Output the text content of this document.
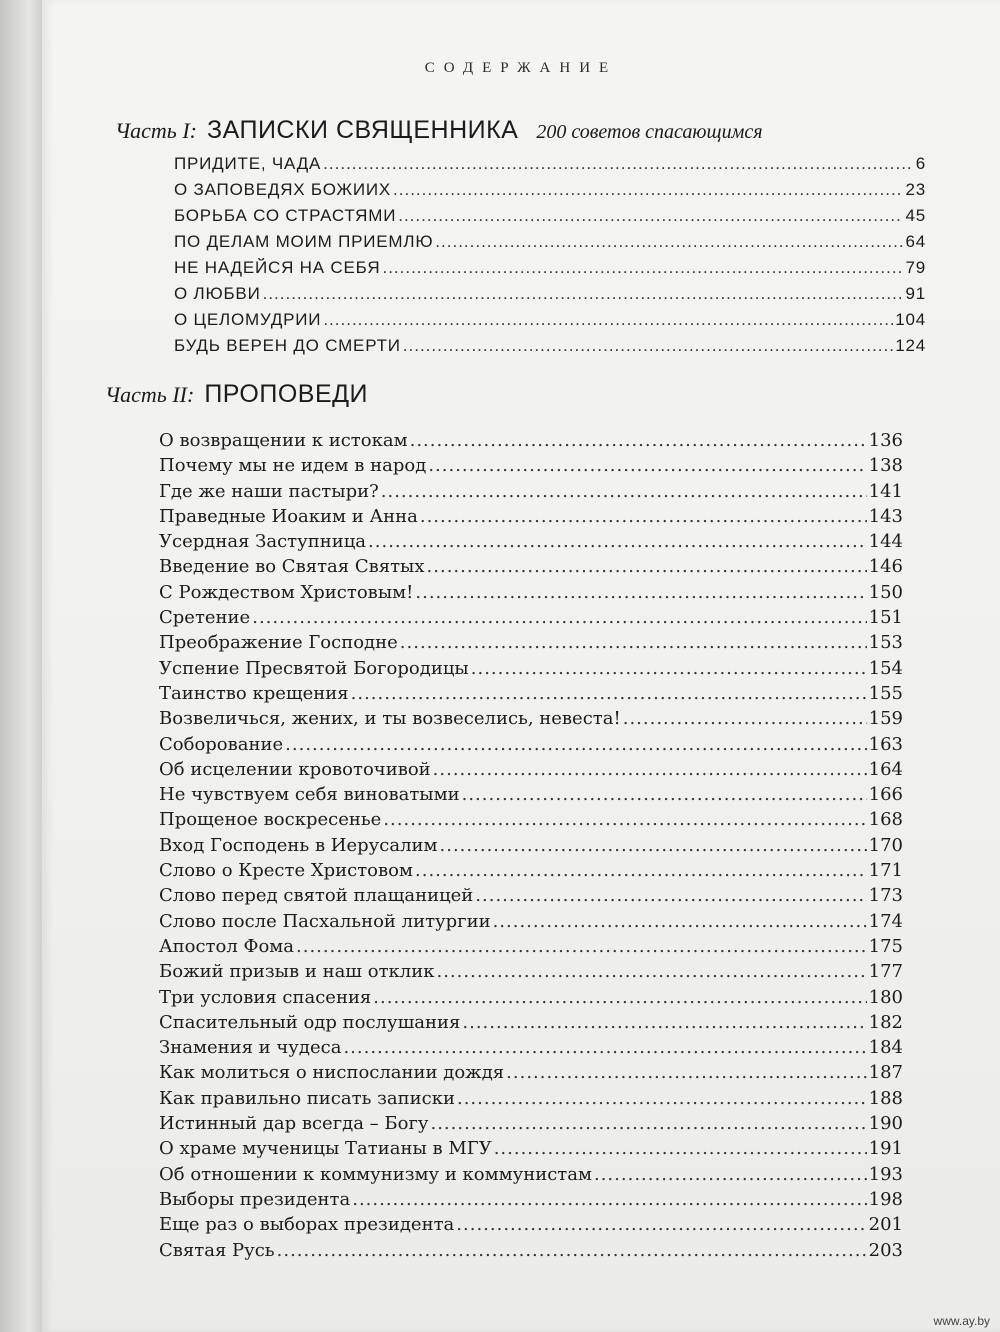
СОДЕРЖАНИЕ
Часть I: ЗАПИСКИ СВЯЩЕННИКА 200 советов спасающимся
ПРИДИТЕ, ЧАДА .....	6
О ЗАПОВЕДЯХ БОЖИИХ .....	23
БОРЬБА СО СТРАСТЯМИ .....	45
ПО ДЕЛАМ МОИМ ПРИЕМЛЮ .....	64
НЕ НАДЕЙСЯ НА СЕБЯ .....	79
О ЛЮБВИ .....	91
О ЦЕЛОМУДРИИ .....	104
БУДЬ ВЕРЕН ДО СМЕРТИ .....	124
Часть II: ПРОПОВЕДИ
О возвращении к истокам .....	136
Почему мы не идем в народ .....	138
Где же наши пастыри? .....	141
Праведные Иоаким и Анна .....	143
Усердная Заступница .....	144
Введение во Святая Святых .....	146
С Рождеством Христовым! .....	150
Сретение .....	151
Преображение Господне .....	153
Успение Пресвятой Богородицы .....	154
Таинство крещения .....	155
Возвеличься, жених, и ты возвеселись, невеста! .....	159
Соборование .....	163
Об исцелении кровоточивой .....	164
Не чувствуем себя виноватыми .....	166
Прощеное воскресенье .....	168
Вход Господень в Иерусалим .....	170
Слово о Кресте Христовом .....	171
Слово перед святой плащаницей .....	173
Слово после Пасхальной литургии .....	174
Апостол Фома .....	175
Божий призыв и наш отклик .....	177
Три условия спасения .....	180
Спасительный одр послушания .....	182
Знамения и чудеса .....	184
Как молиться о ниспослании дождя .....	187
Как правильно писать записки .....	188
Истинный дар всегда – Богу .....	190
О храме мученицы Татианы в МГУ .....	191
Об отношении к коммунизму и коммунистам .....	193
Выборы президента .....	198
Еще раз о выборах президента .....	201
Святая Русь .....	203
www.ay.by
